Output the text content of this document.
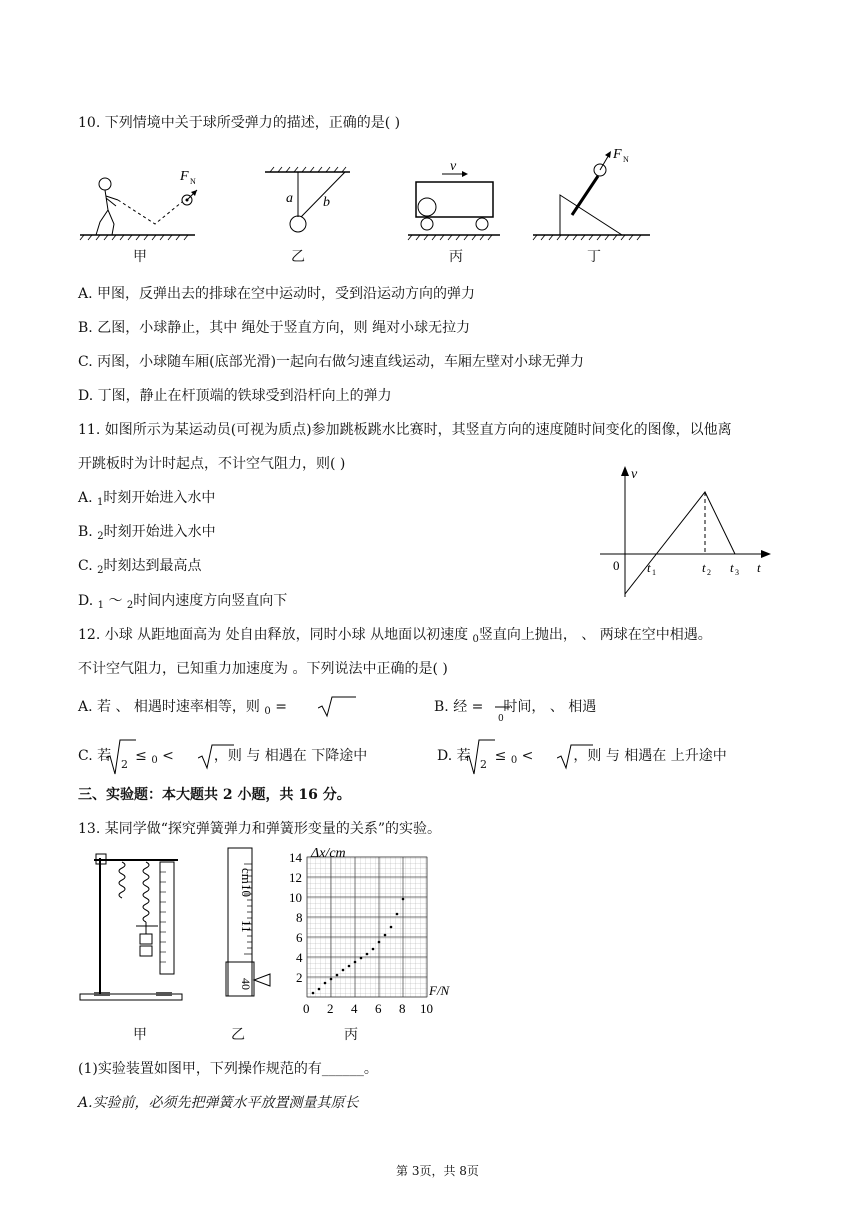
10. 下列情境中关于球所受弹力的描述，正确的是( )
F N
a b
v
F N
甲	乙	丙	丁
A. 甲图，反弹出去的排球在空中运动时，受到沿运动方向的弹力
B. 乙图，小球静止，其中 绳处于竖直方向，则 绳对小球无拉力
C. 丙图，小球随车厢(底部光滑)一起向右做匀速直线运动，车厢左壁对小球无弹力
D. 丁图，静止在杆顶端的铁球受到沿杆向上的弹力
11. 如图所示为某运动员(可视为质点)参加跳板跳水比赛时，其竖直方向的速度随时间变化的图像，以他离
开跳板时为计时起点，不计空气阻力，则( )
A. $_1$时刻开始进入水中
B. $_2$时刻开始进入水中
C. $_2$时刻达到最高点
D. $_1$ ～ $_2$时间内速度方向竖直向下
v
0 t 1	t 2 t 3 t
12. 小球 从距地面高为 处自由释放，同时小球 从地面以初速度 $_0$竖直向上抛出， 、 两球在空中相遇。
不计空气阻力，已知重力加速度为 。下列说法中正确的是( )
A. 若 、 相遇时速率相等，则 $_0$ =	B. 经 = 时间， 、 相遇
0
C. 若 ≤ $_0$ <	，则 与 相遇在 下降途中
2
D. 若 ≤ $_0$ <	，则 与 相遇在 上升途中
2
三、实验题：本大题共 2 小题，共 16 分。
13. 某同学做“探究弹簧弹力和弹簧形变量的关系”的实验。
cm
10
11
40
0 2 4 6 8 10
2
4
6
8
10
12
14 Δx/cm
F/N
甲	乙	丙
(1)实验装置如图甲，下列操作规范的有______。
A.实验前，必须先把弹簧水平放置测量其原长
第 3页，共 8页
